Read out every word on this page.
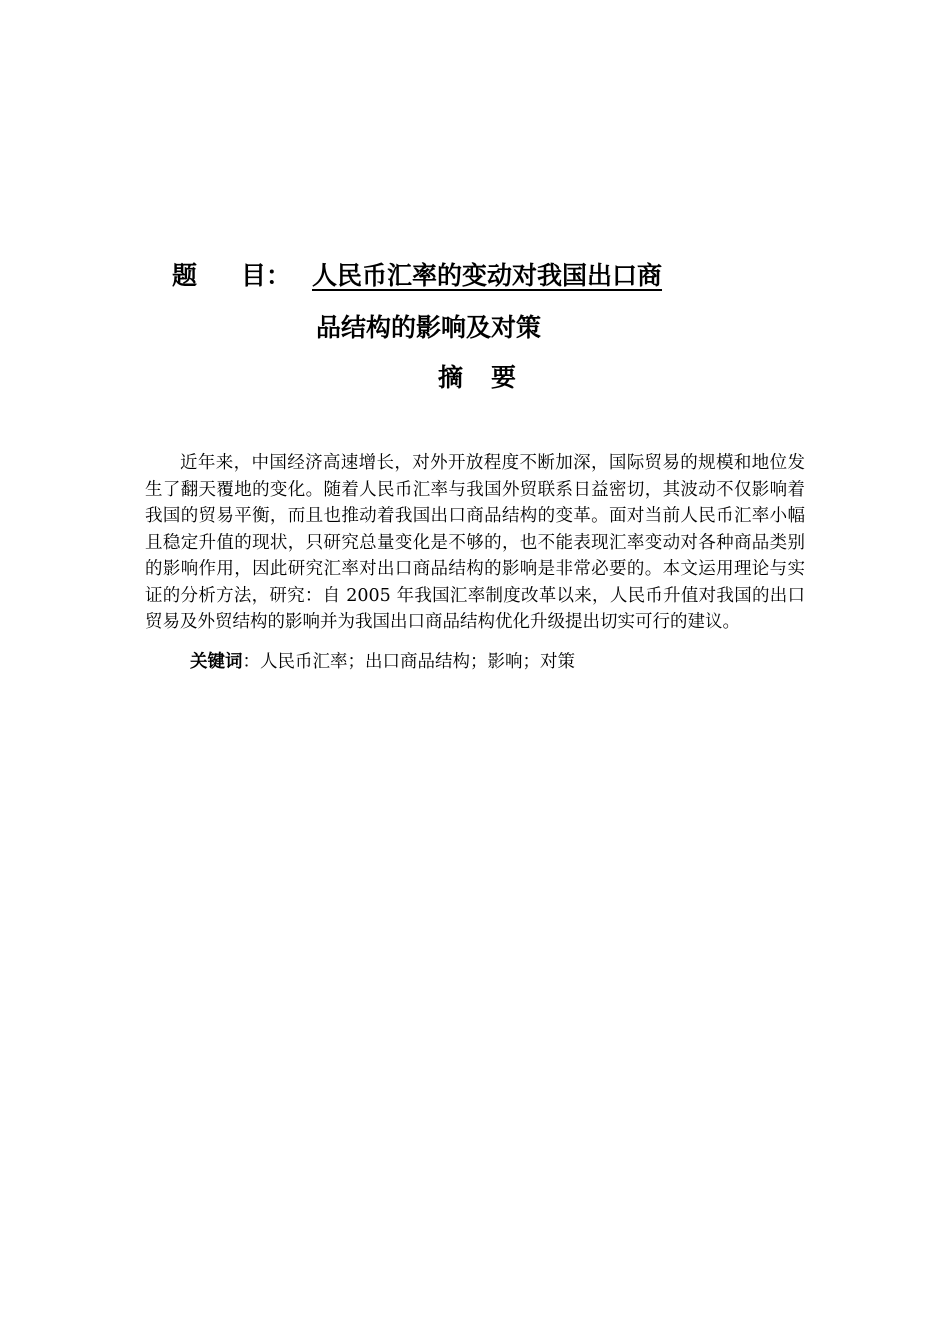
题 目： 人民币汇率的变动对我国出口商
品结构的影响及对策
摘 要

近年来，中国经济高速增长，对外开放程度不断加深，国际贸易的规模和地位发生了翻天覆地的变化。随着人民币汇率与我国外贸联系日益密切，其波动不仅影响着我国的贸易平衡，而且也推动着我国出口商品结构的变革。面对当前人民币汇率小幅且稳定升值的现状，只研究总量变化是不够的，也不能表现汇率变动对各种商品类别的影响作用，因此研究汇率对出口商品结构的影响是非常必要的。本文运用理论与实证的分析方法，研究：自 2005 年我国汇率制度改革以来，人民币升值对我国的出口贸易及外贸结构的影响并为我国出口商品结构优化升级提出切实可行的建议。

关键词：人民币汇率；出口商品结构；影响；对策
